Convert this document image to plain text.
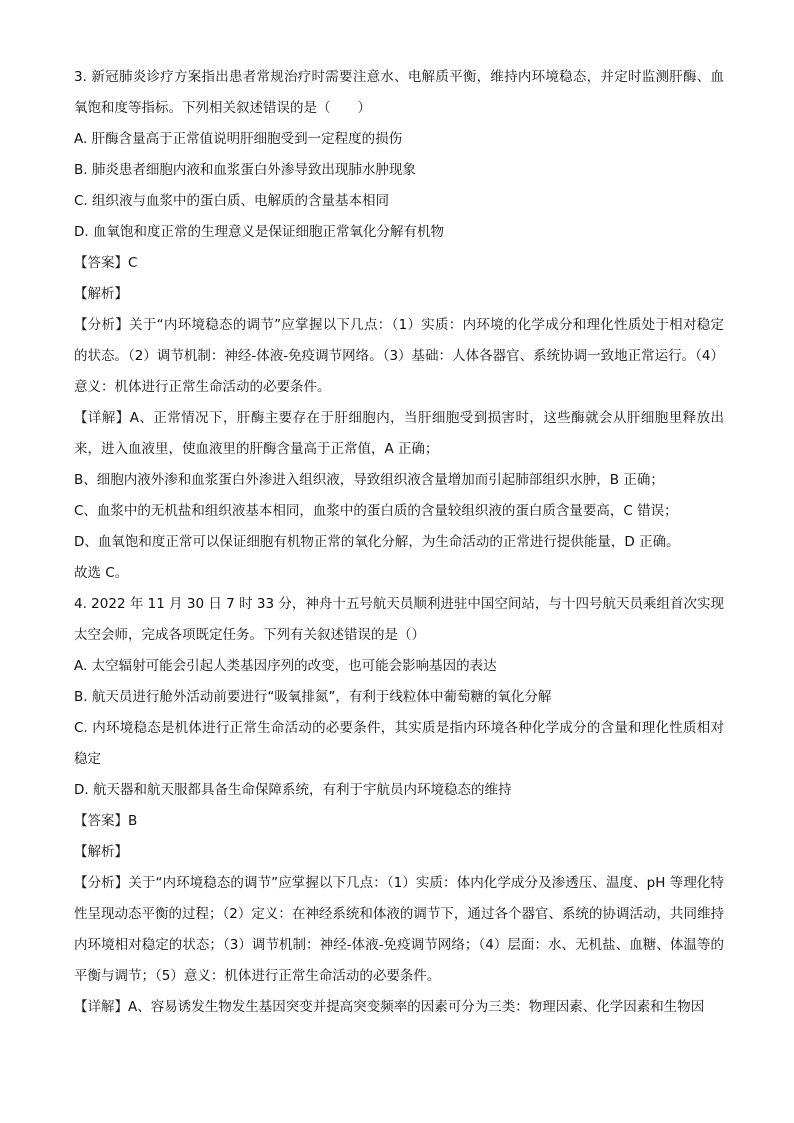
3. 新冠肺炎诊疗方案指出患者常规治疗时需要注意水、电解质平衡，维持内环境稳态，并定时监测肝酶、血氧饱和度等指标。下列相关叙述错误的是（　　）

A. 肝酶含量高于正常值说明肝细胞受到一定程度的损伤

B. 肺炎患者细胞内液和血浆蛋白外渗导致出现肺水肿现象

C. 组织液与血浆中的蛋白质、电解质的含量基本相同

D. 血氧饱和度正常的生理意义是保证细胞正常氧化分解有机物

【答案】C

【解析】

【分析】关于“内环境稳态的调节”应掌握以下几点：（1）实质：内环境的化学成分和理化性质处于相对稳定的状态。（2）调节机制：神经-体液-免疫调节网络。（3）基础：人体各器官、系统协调一致地正常运行。（4）意义：机体进行正常生命活动的必要条件。

【详解】A、正常情况下，肝酶主要存在于肝细胞内，当肝细胞受到损害时，这些酶就会从肝细胞里释放出来，进入血液里，使血液里的肝酶含量高于正常值，A 正确；

B、细胞内液外渗和血浆蛋白外渗进入组织液，导致组织液含量增加而引起肺部组织水肿，B 正确；

C、血浆中的无机盐和组织液基本相同，血浆中的蛋白质的含量较组织液的蛋白质含量要高，C 错误；

D、血氧饱和度正常可以保证细胞有机物正常的氧化分解，为生命活动的正常进行提供能量，D 正确。

故选 C。

4. 2022 年 11 月 30 日 7 时 33 分，神舟十五号航天员顺利进驻中国空间站，与十四号航天员乘组首次实现太空会师，完成各项既定任务。下列有关叙述错误的是（）

A. 太空辐射可能会引起人类基因序列的改变，也可能会影响基因的表达

B. 航天员进行舱外活动前要进行“吸氧排氮”，有利于线粒体中葡萄糖的氧化分解

C. 内环境稳态是机体进行正常生命活动的必要条件，其实质是指内环境各种化学成分的含量和理化性质相对稳定

D. 航天器和航天服都具备生命保障系统，有利于宇航员内环境稳态的维持

【答案】B

【解析】

【分析】关于“内环境稳态的调节”应掌握以下几点：（1）实质：体内化学成分及渗透压、温度、pH 等理化特性呈现动态平衡的过程；（2）定义：在神经系统和体液的调节下，通过各个器官、系统的协调活动，共同维持内环境相对稳定的状态；（3）调节机制：神经-体液-免疫调节网络；（4）层面：水、无机盐、血糖、体温等的平衡与调节；（5）意义：机体进行正常生命活动的必要条件。

【详解】A、容易诱发生物发生基因突变并提高突变频率的因素可分为三类：物理因素、化学因素和生物因
